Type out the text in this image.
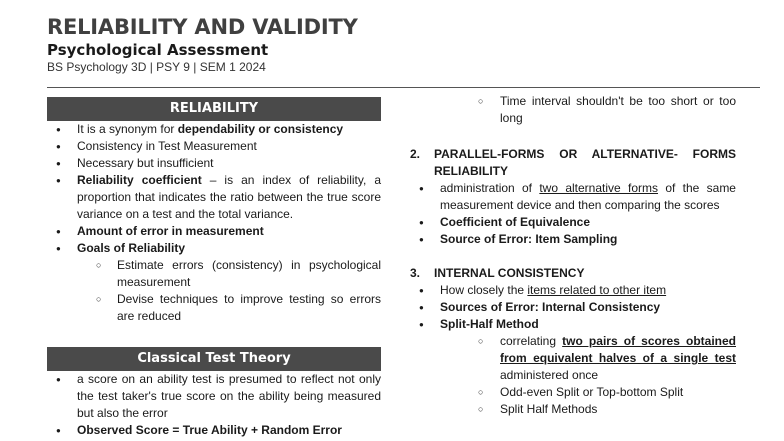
RELIABILITY AND VALIDITY
Psychological Assessment
BS Psychology 3D | PSY 9 | SEM 1 2024
RELIABILITY
● It is a synonym for dependability or consistency
● Consistency in Test Measurement
● Necessary but insufficient
● Reliability coefficient – is an index of reliability, a proportion that indicates the ratio between the true score variance on a test and the total variance.
● Amount of error in measurement
● Goals of Reliability
○ Estimate errors (consistency) in psychological measurement
○ Devise techniques to improve testing so errors are reduced
Classical Test Theory
● a score on an ability test is presumed to reflect not only the test taker's true score on the ability being measured but also the error
● Observed Score = True Ability + Random Error
○ Time interval shouldn't be too short or too long
2. PARALLEL-FORMS OR ALTERNATIVE- FORMS RELIABILITY
● administration of two alternative forms of the same measurement device and then comparing the scores
● Coefficient of Equivalence
● Source of Error: Item Sampling
3. INTERNAL CONSISTENCY
● How closely the items related to other item
● Sources of Error: Internal Consistency
● Split-Half Method
○ correlating two pairs of scores obtained from equivalent halves of a single test administered once
○ Odd-even Split or Top-bottom Split
○ Split Half Methods
